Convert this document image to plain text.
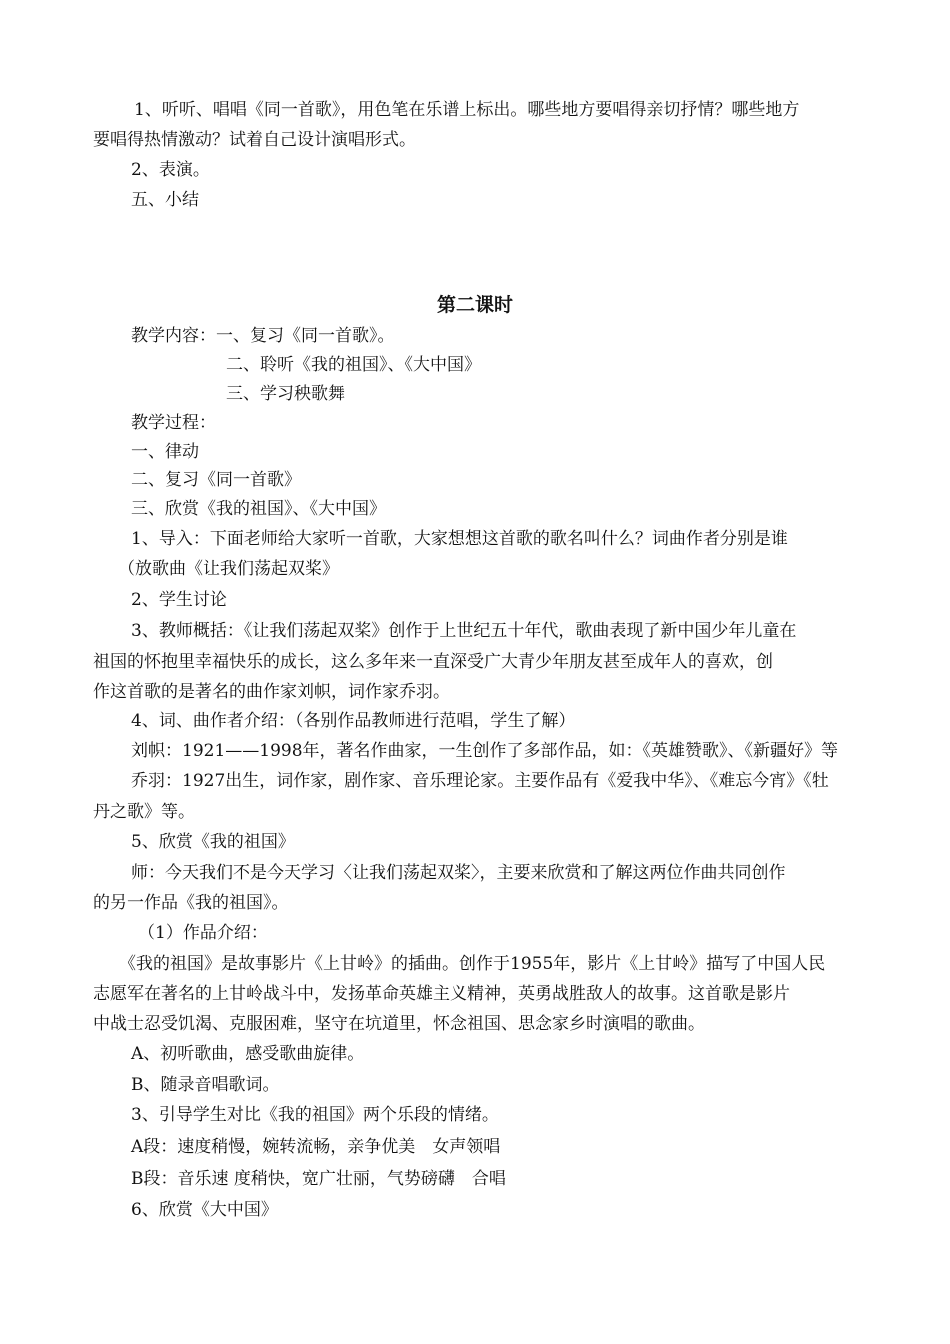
1、听听、唱唱《同一首歌》，用色笔在乐谱上标出。哪些地方要唱得亲切抒情？哪些地方
要唱得热情激动？试着自己设计演唱形式。
2、表演。
五、小结
第二课时
教学内容：一、复习《同一首歌》。
二、聆听《我的祖国》、《大中国》
三、学习秧歌舞
教学过程：
一、律动
二、复习《同一首歌》
三、欣赏《我的祖国》、《大中国》
1、导入：下面老师给大家听一首歌，大家想想这首歌的歌名叫什么？词曲作者分别是谁
（放歌曲《让我们荡起双桨》
2、学生讨论
3、教师概括：《让我们荡起双桨》创作于上世纪五十年代，歌曲表现了新中国少年儿童在
祖国的怀抱里幸福快乐的成长，这么多年来一直深受广大青少年朋友甚至成年人的喜欢，创
作这首歌的是著名的曲作家刘帜，词作家乔羽。
4、词、曲作者介绍：（各别作品教师进行范唱，学生了解）
刘帜：1921——1998年，著名作曲家，一生创作了多部作品，如：《英雄赞歌》、《新疆好》等
乔羽：1927出生，词作家，剧作家、音乐理论家。主要作品有《爱我中华》、《难忘今宵》《牡
丹之歌》等。
5、欣赏《我的祖国》
师：今天我们不是今天学习〈让我们荡起双桨〉，主要来欣赏和了解这两位作曲共同创作
的另一作品《我的祖国》。
（1）作品介绍：
《我的祖国》是故事影片《上甘岭》的插曲。创作于1955年，影片《上甘岭》描写了中国人民
志愿军在著名的上甘岭战斗中，发扬革命英雄主义精神，英勇战胜敌人的故事。这首歌是影片
中战士忍受饥渴、克服困难，坚守在坑道里，怀念祖国、思念家乡时演唱的歌曲。
A、初听歌曲，感受歌曲旋律。
B、随录音唱歌词。
3、引导学生对比《我的祖国》两个乐段的情绪。
A段：速度稍慢，婉转流畅，亲争优美　女声领唱
B段：音乐速 度稍快，宽广壮丽，气势磅礴　合唱
6、欣赏《大中国》
